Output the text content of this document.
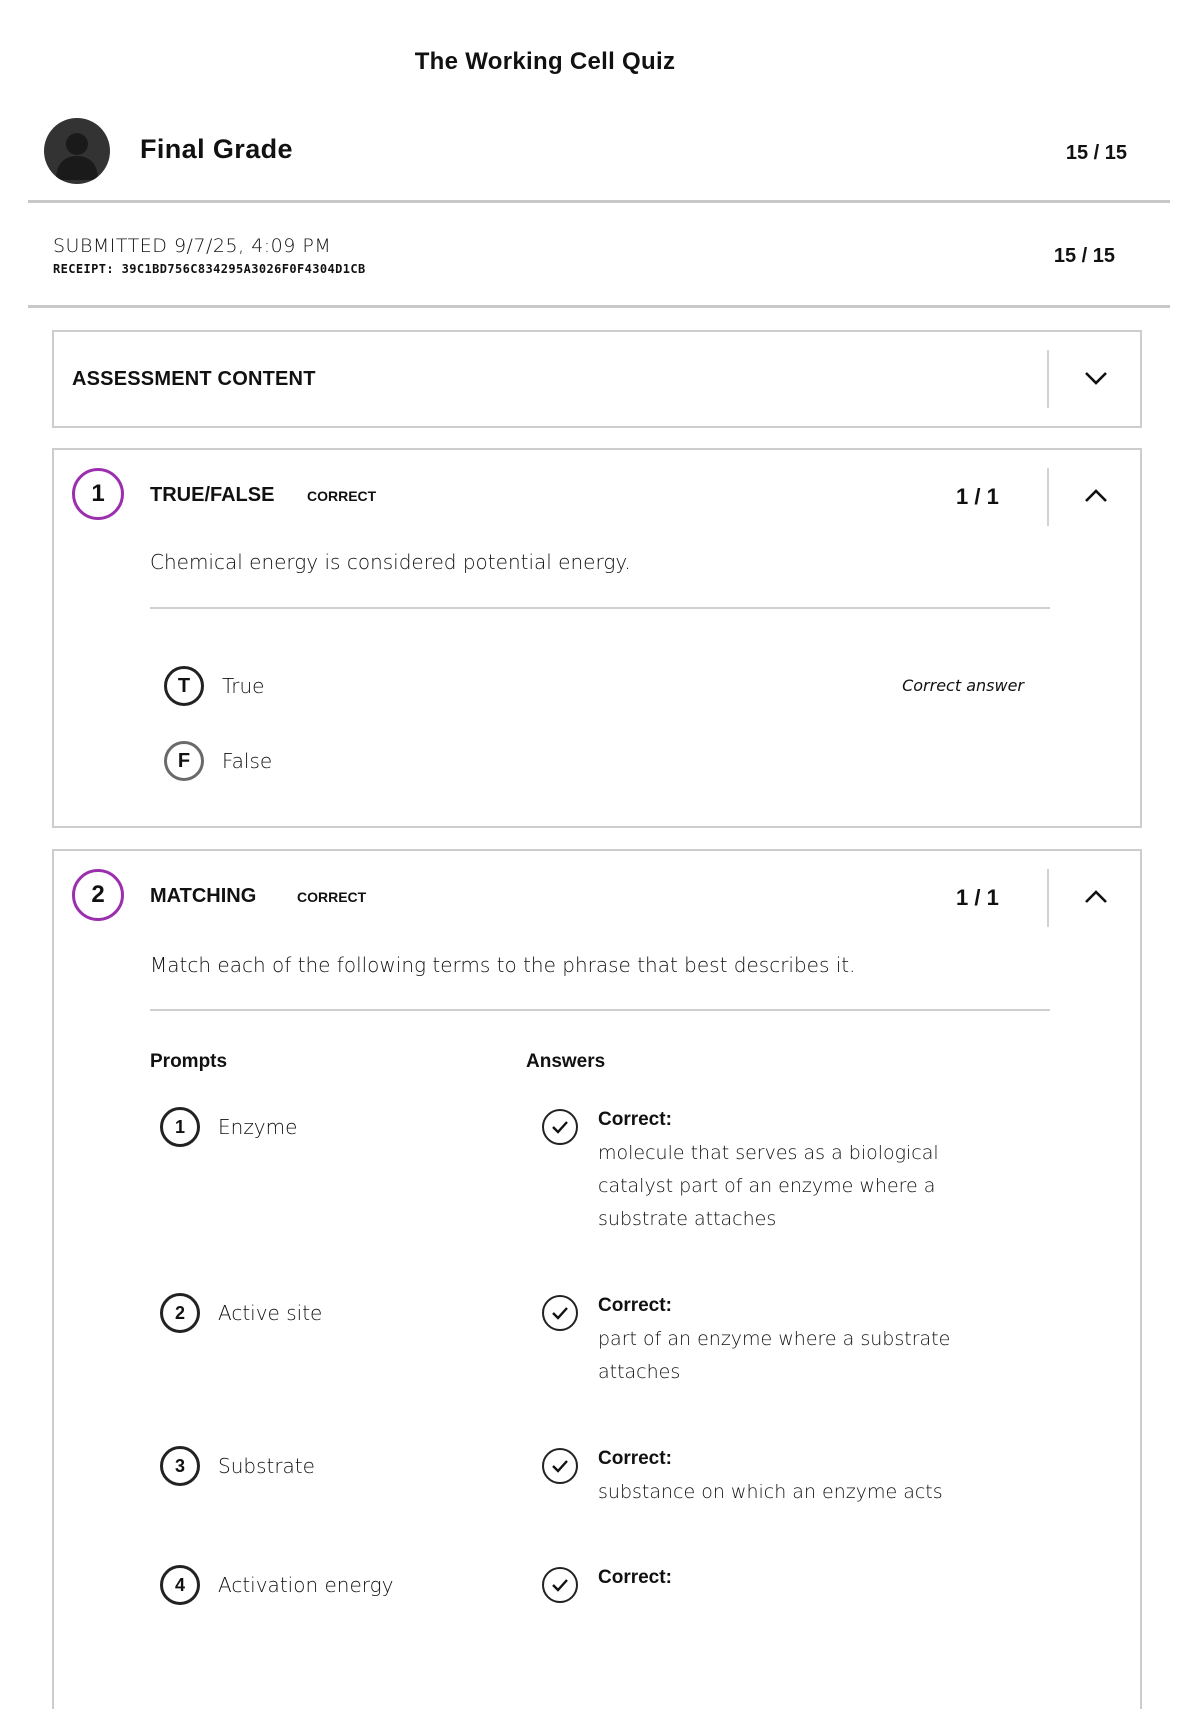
The Working Cell Quiz
Final Grade	15 / 15
SUBMITTED 9/7/25, 4:09 PM
RECEIPT: 39C1BD756C834295A3026F0F4304D1CB
15 / 15
ASSESSMENT CONTENT
1	TRUE/FALSE CORRECT	1 / 1
Chemical energy is considered potential energy.
T	True	Correct answer
F	False
2	MATCHING	CORRECT	1 / 1
Match each of the following terms to the phrase that best describes it.
Prompts	Answers
1	Enzyme	Correct:
molecule that serves as a biological catalyst part of an enzyme where a substrate attaches
2	Active site	Correct:
part of an enzyme where a substrate attaches
3	Substrate	Correct:
substance on which an enzyme acts
4	Activation energy	Correct:
